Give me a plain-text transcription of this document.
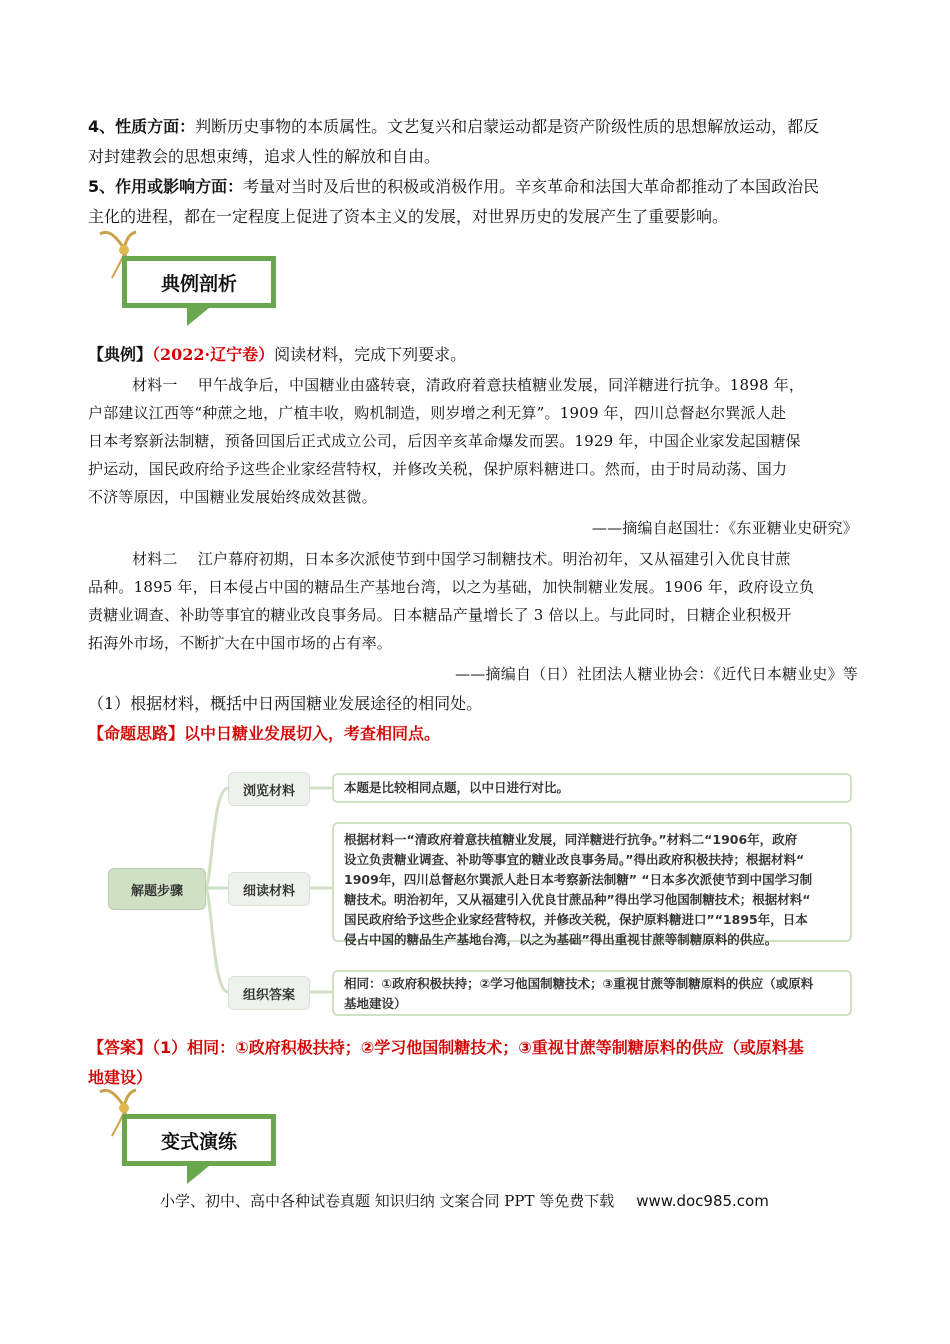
4、性质方面：判断历史事物的本质属性。文艺复兴和启蒙运动都是资产阶级性质的思想解放运动，都反
对封建教会的思想束缚，追求人性的解放和自由。
5、作用或影响方面：考量对当时及后世的积极或消极作用。辛亥革命和法国大革命都推动了本国政治民
主化的进程，都在一定程度上促进了资本主义的发展，对世界历史的发展产生了重要影响。
典例剖析
【典例】（2022·辽宁卷）阅读材料，完成下列要求。
材料一　 甲午战争后，中国糖业由盛转衰，清政府着意扶植糖业发展，同洋糖进行抗争。1898 年，
户部建议江西等“种蔗之地，广植丰收，购机制造，则岁增之利无算”。1909 年，四川总督赵尔巽派人赴
日本考察新法制糖，预备回国后正式成立公司，后因辛亥革命爆发而罢。1929 年，中国企业家发起国糖保
护运动，国民政府给予这些企业家经营特权，并修改关税，保护原料糖进口。然而，由于时局动荡、国力
不济等原因，中国糖业发展始终成效甚微。
——摘编自赵国壮：《东亚糖业史研究》
材料二　 江户幕府初期，日本多次派使节到中国学习制糖技术。明治初年，又从福建引入优良甘蔗
品种。1895 年，日本侵占中国的糖品生产基地台湾，以之为基础，加快制糖业发展。1906 年，政府设立负
责糖业调查、补助等事宜的糖业改良事务局。日本糖品产量增长了 3 倍以上。与此同时，日糖企业积极开
拓海外市场，不断扩大在中国市场的占有率。
——摘编自（日）社团法人糖业协会：《近代日本糖业史》等
（1）根据材料，概括中日两国糖业发展途径的相同处。
【命题思路】以中日糖业发展切入，考查相同点。
解题步骤
浏览材料
细读材料
组织答案
本题是比较相同点题，以中日进行对比。
根据材料一“清政府着意扶植糖业发展，同洋糖进行抗争。”材料二“1906年，政府
设立负责糖业调查、补助等事宜的糖业改良事务局。”得出政府积极扶持；根据材料“
1909年，四川总督赵尔巽派人赴日本考察新法制糖” “日本多次派使节到中国学习制
糖技术。明治初年，又从福建引入优良甘蔗品种”得出学习他国制糖技术；根据材料“
国民政府给予这些企业家经营特权，并修改关税，保护原料糖进口”“1895年，日本
侵占中国的糖品生产基地台湾，以之为基础”得出重视甘蔗等制糖原料的供应。
相同：①政府积极扶持；②学习他国制糖技术；③重视甘蔗等制糖原料的供应（或原料
基地建设）
【答案】（1）相同：①政府积极扶持；②学习他国制糖技术；③重视甘蔗等制糖原料的供应（或原料基
地建设）
变式演练
小学、初中、高中各种试卷真题 知识归纳 文案合同 PPT 等免费下载 www.doc985.com
